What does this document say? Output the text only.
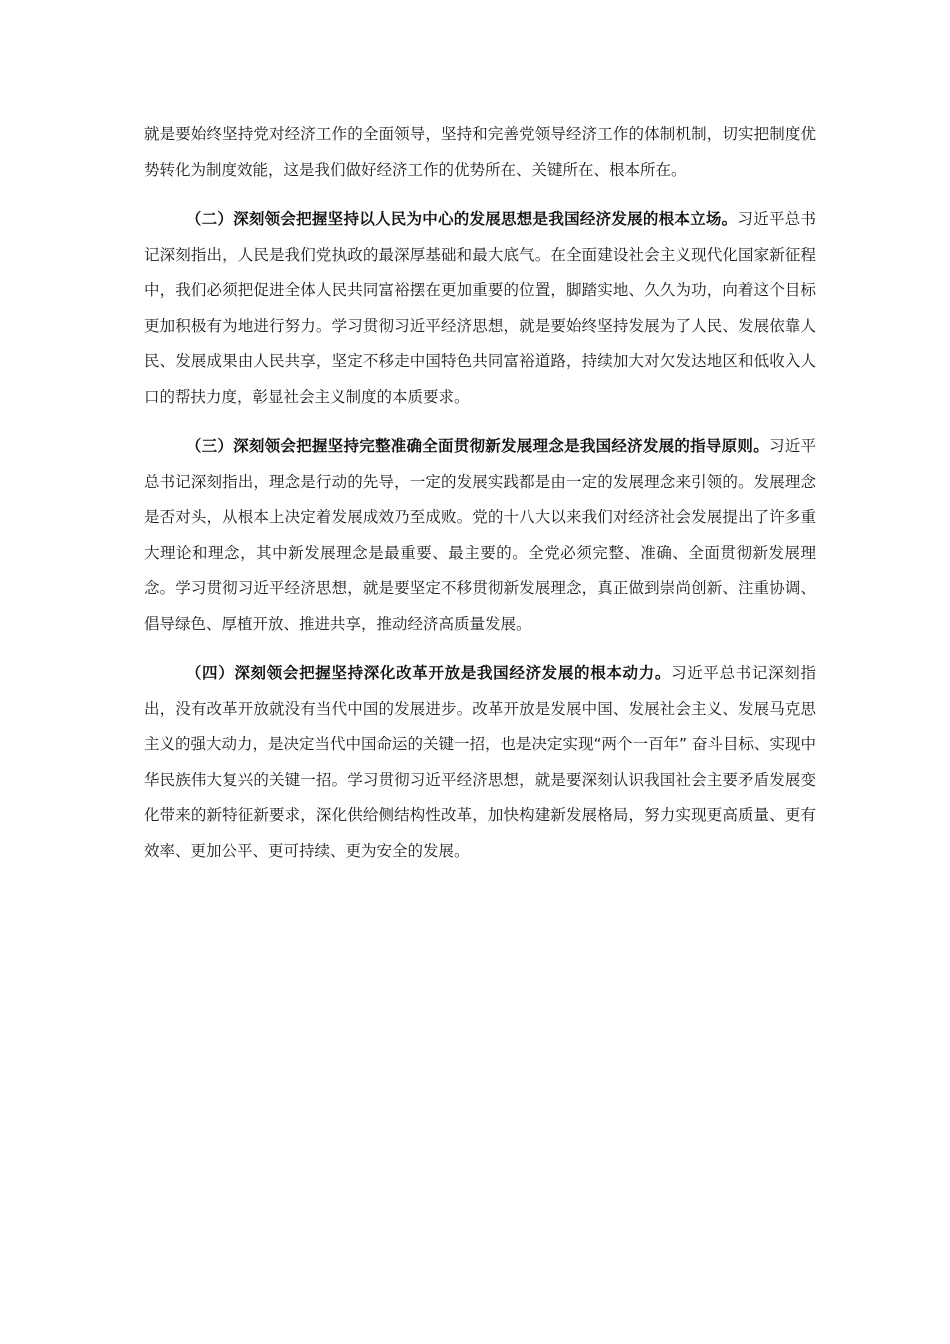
就是要始终坚持党对经济工作的全面领导，坚持和完善党领导经济工作的体制机制，切实把制度优势转化为制度效能，这是我们做好经济工作的优势所在、关键所在、根本所在。

（二）深刻领会把握坚持以人民为中心的发展思想是我国经济发展的根本立场。习近平总书记深刻指出，人民是我们党执政的最深厚基础和最大底气。在全面建设社会主义现代化国家新征程中，我们必须把促进全体人民共同富裕摆在更加重要的位置，脚踏实地、久久为功，向着这个目标更加积极有为地进行努力。学习贯彻习近平经济思想，就是要始终坚持发展为了人民、发展依靠人民、发展成果由人民共享，坚定不移走中国特色共同富裕道路，持续加大对欠发达地区和低收入人口的帮扶力度，彰显社会主义制度的本质要求。

（三）深刻领会把握坚持完整准确全面贯彻新发展理念是我国经济发展的指导原则。习近平总书记深刻指出，理念是行动的先导，一定的发展实践都是由一定的发展理念来引领的。发展理念是否对头，从根本上决定着发展成效乃至成败。党的十八大以来我们对经济社会发展提出了许多重大理论和理念，其中新发展理念是最重要、最主要的。全党必须完整、准确、全面贯彻新发展理念。学习贯彻习近平经济思想，就是要坚定不移贯彻新发展理念，真正做到崇尚创新、注重协调、倡导绿色、厚植开放、推进共享，推动经济高质量发展。

（四）深刻领会把握坚持深化改革开放是我国经济发展的根本动力。习近平总书记深刻指出，没有改革开放就没有当代中国的发展进步。改革开放是发展中国、发展社会主义、发展马克思主义的强大动力，是决定当代中国命运的关键一招，也是决定实现“两个一百年” 奋斗目标、实现中华民族伟大复兴的关键一招。学习贯彻习近平经济思想，就是要深刻认识我国社会主要矛盾发展变化带来的新特征新要求，深化供给侧结构性改革，加快构建新发展格局，努力实现更高质量、更有效率、更加公平、更可持续、更为安全的发展。
